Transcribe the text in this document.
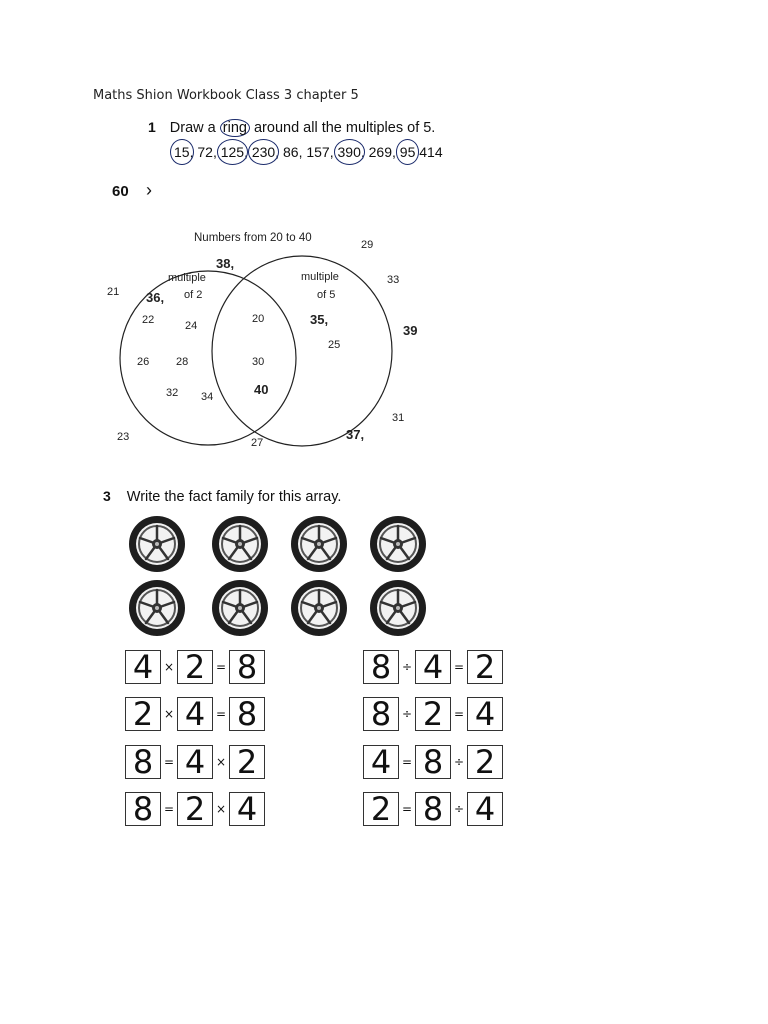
Maths Shion Workbook Class 3 chapter 5
1 Draw a ring around all the multiples of 5.
15, 72, 125, 230, 86, 157, 390, 269, 95 414
60 ›
Numbers from 20 to 40
multiple
of 2
multiple
of 5
36,
38,
22	24
26 28
32 34
20
30
40
35,
25
21
23	27
29
31
33
37,
39
3 Write the fact family for this array.
4 × 2 = 8
2 × 4 = 8
8 = 4 × 2
8 = 2 × 4
8 ÷ 4 = 2
8 ÷ 2 = 4
4 = 8 ÷ 2
2 = 8 ÷ 4
